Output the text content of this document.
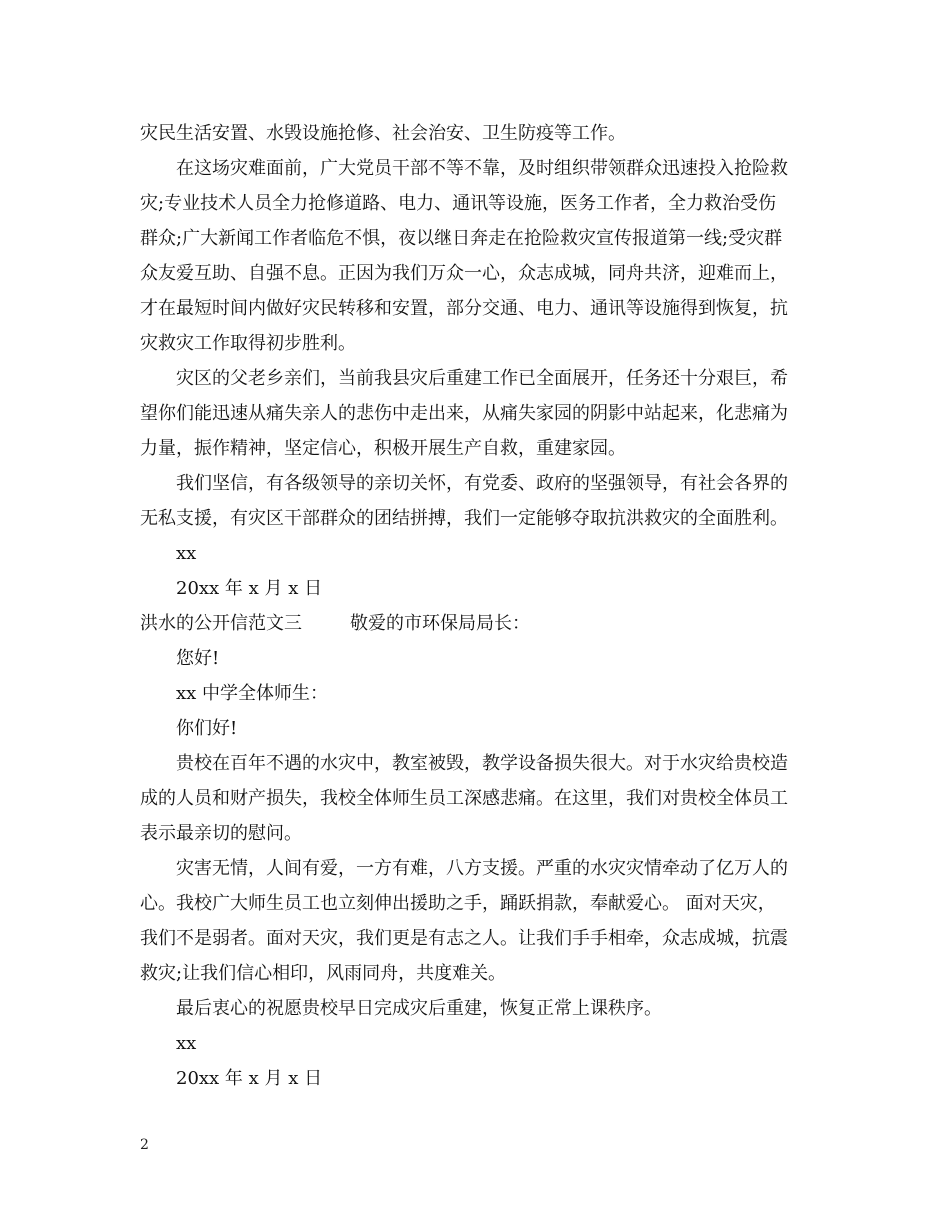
灾民生活安置、水毁设施抢修、社会治安、卫生防疫等工作。
在这场灾难面前，广大党员干部不等不靠，及时组织带领群众迅速投入抢险救
灾;专业技术人员全力抢修道路、电力、通讯等设施，医务工作者，全力救治受伤
群众;广大新闻工作者临危不惧，夜以继日奔走在抢险救灾宣传报道第一线;受灾群
众友爱互助、自强不息。正因为我们万众一心，众志成城，同舟共济，迎难而上，
才在最短时间内做好灾民转移和安置，部分交通、电力、通讯等设施得到恢复，抗
灾救灾工作取得初步胜利。
灾区的父老乡亲们，当前我县灾后重建工作已全面展开，任务还十分艰巨，希
望你们能迅速从痛失亲人的悲伤中走出来，从痛失家园的阴影中站起来，化悲痛为
力量，振作精神，坚定信心，积极开展生产自救，重建家园。
我们坚信，有各级领导的亲切关怀，有党委、政府的坚强领导，有社会各界的
无私支援，有灾区干部群众的团结拼搏，我们一定能够夺取抗洪救灾的全面胜利。
xx
20xx 年 x 月 x 日
洪水的公开信范文三	敬爱的市环保局局长：
您好!
xx 中学全体师生：
你们好!
贵校在百年不遇的水灾中，教室被毁，教学设备损失很大。对于水灾给贵校造
成的人员和财产损失，我校全体师生员工深感悲痛。在这里，我们对贵校全体员工
表示最亲切的慰问。
灾害无情，人间有爱，一方有难，八方支援。严重的水灾灾情牵动了亿万人的
心。我校广大师生员工也立刻伸出援助之手，踊跃捐款，奉献爱心。 面对天灾，
我们不是弱者。面对天灾，我们更是有志之人。让我们手手相牵，众志成城，抗震
救灾;让我们信心相印，风雨同舟，共度难关。
最后衷心的祝愿贵校早日完成灾后重建，恢复正常上课秩序。
xx
20xx 年 x 月 x 日
2
